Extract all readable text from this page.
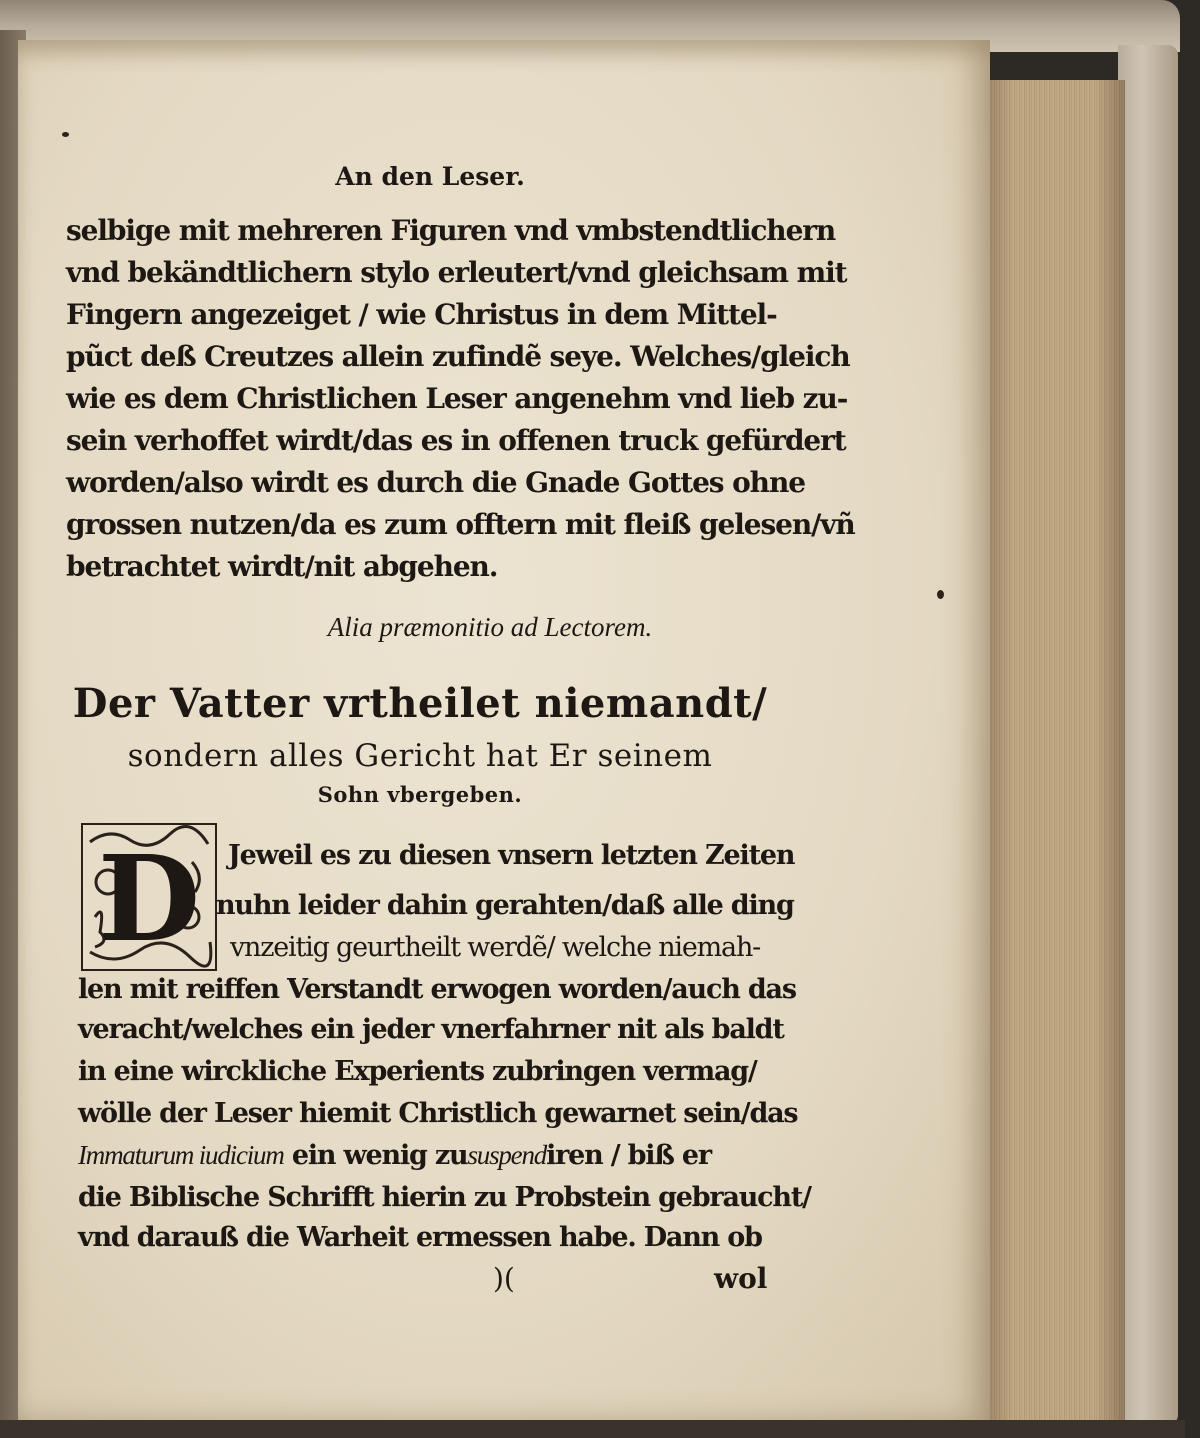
An den Leser.
selbige mit mehreren Figuren vnd vmbstendtlichern
vnd bekändtlichern stylo erleutert/vnd gleichsam mit
Fingern angezeiget / wie Christus in dem Mittel-
pũct deß Creutzes allein zufindẽ seye. Welches/gleich
wie es dem Christlichen Leser angenehm vnd lieb zu-
sein verhoffet wirdt/das es in offenen truck gefürdert
worden/also wirdt es durch die Gnade Gottes ohne
grossen nutzen/da es zum offtern mit fleiß gelesen/vñ
betrachtet wirdt/nit abgehen.
Alia præmonitio ad Lectorem.
Der Vatter vrtheilet niemandt/
sondern alles Gericht hat Er seinem
Sohn vbergeben.
D Jeweil es zu diesen vnsern letzten Zeiten
nuhn leider dahin gerahten/daß alle ding
vnzeitig geurtheilt werdẽ/ welche niemah-
len mit reiffen Verstandt erwogen worden/auch das
veracht/welches ein jeder vnerfahrner nit als baldt
in eine wirckliche Experients zubringen vermag/
wölle der Leser hiemit Christlich gewarnet sein/das
Immaturum iudicium ein wenig zususpendiren / biß er
die Biblische Schrifft hierin zu Probstein gebraucht/
vnd darauß die Warheit ermessen habe. Dann ob
)(	wol
